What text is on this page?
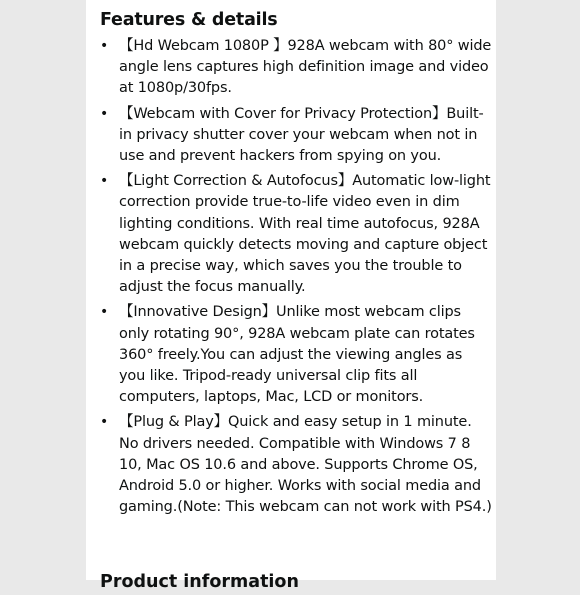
Features & details
• 【Hd Webcam 1080P 】928A webcam with 80° wide angle lens captures high definition image and video at 1080p/30fps.
• 【Webcam with Cover for Privacy Protection】Built-in privacy shutter cover your webcam when not in use and prevent hackers from spying on you.
• 【Light Correction & Autofocus】Automatic low-light correction provide true-to-life video even in dim lighting conditions. With real time autofocus, 928A webcam quickly detects moving and capture object in a precise way, which saves you the trouble to adjust the focus manually.
• 【Innovative Design】Unlike most webcam clips only rotating 90°, 928A webcam plate can rotates 360° freely.You can adjust the viewing angles as you like. Tripod-ready universal clip fits all computers, laptops, Mac, LCD or monitors.
• 【Plug & Play】Quick and easy setup in 1 minute. No drivers needed. Compatible with Windows 7 8 10, Mac OS 10.6 and above. Supports Chrome OS, Android 5.0 or higher. Works with social media and gaming.(Note: This webcam can not work with PS4.)
Product information
